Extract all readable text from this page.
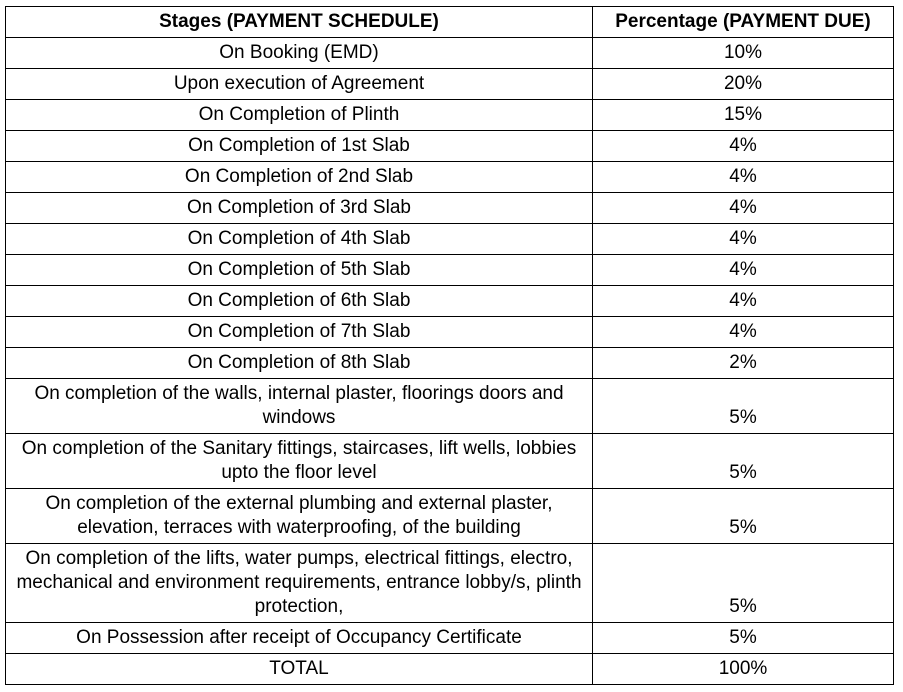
Stages (PAYMENT SCHEDULE)	Percentage (PAYMENT DUE)
On Booking (EMD)	10%
Upon execution of Agreement	20%
On Completion of Plinth	15%
On Completion of 1st Slab	4%
On Completion of 2nd Slab	4%
On Completion of 3rd Slab	4%
On Completion of 4th Slab	4%
On Completion of 5th Slab	4%
On Completion of 6th Slab	4%
On Completion of 7th Slab	4%
On Completion of 8th Slab	2%
On completion of the walls, internal plaster, floorings doors and windows	5%
On completion of the Sanitary fittings, staircases, lift wells, lobbies upto the floor level	5%
On completion of the external plumbing and external plaster, elevation, terraces with waterproofing, of the building	5%
On completion of the lifts, water pumps, electrical fittings, electro, mechanical and environment requirements, entrance lobby/s, plinth protection,	5%
On Possession after receipt of Occupancy Certificate	5%
TOTAL	100%
